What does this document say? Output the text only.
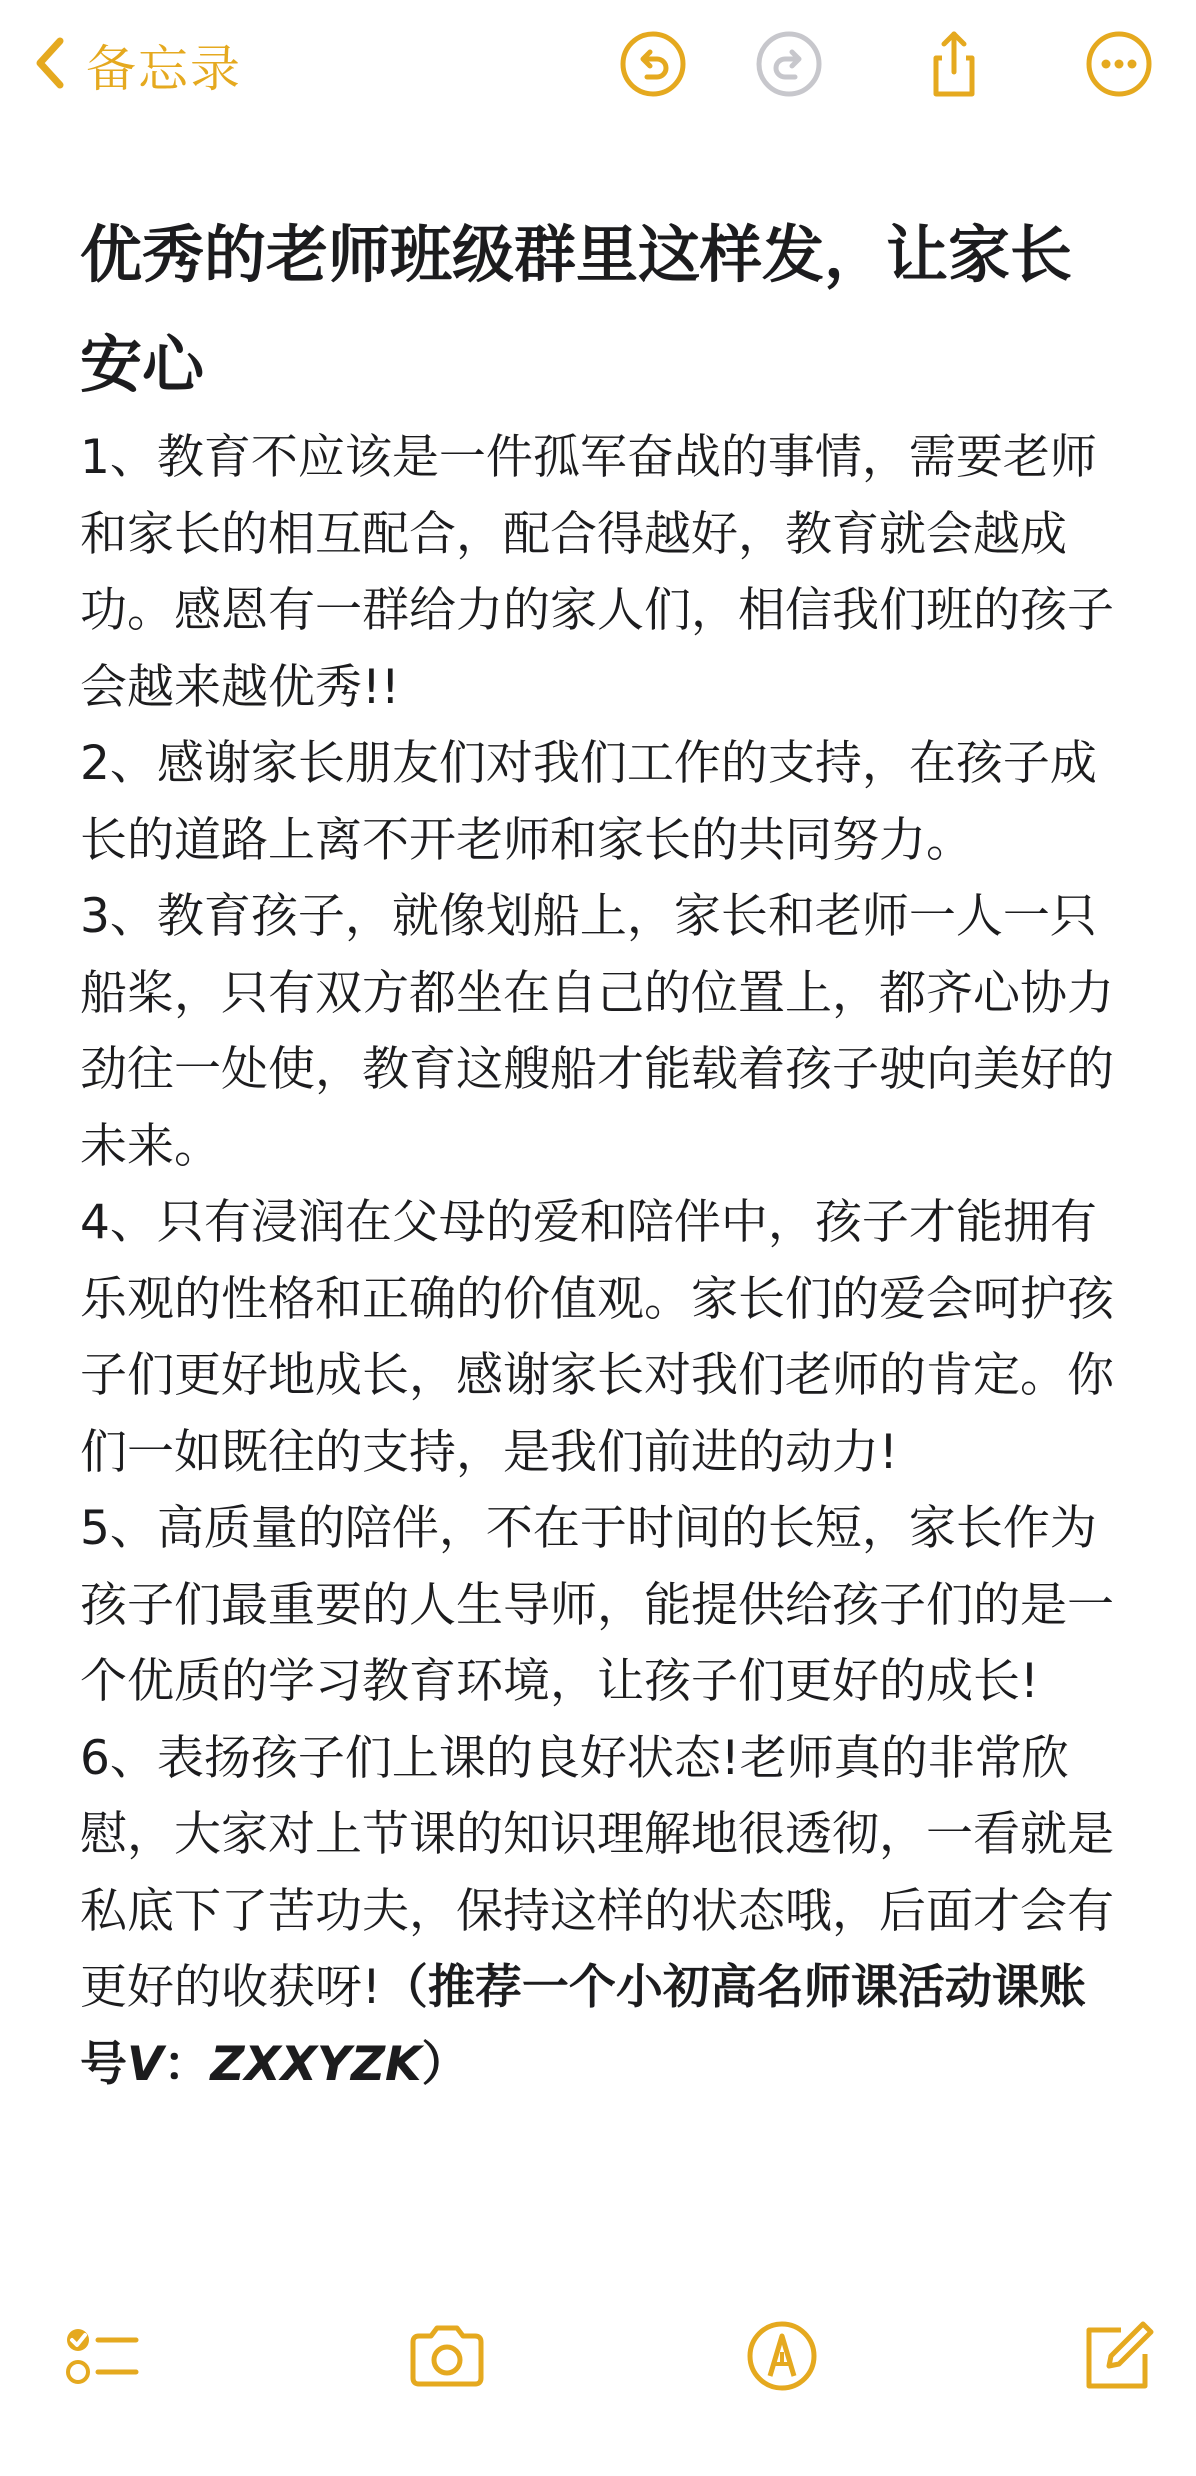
备忘录
优秀的老师班级群里这样发，让家长安心

1、教育不应该是一件孤军奋战的事情，需要老师和家长的相互配合，配合得越好，教育就会越成功。感恩有一群给力的家人们，相信我们班的孩子会越来越优秀!!

2、感谢家长朋友们对我们工作的支持，在孩子成长的道路上离不开老师和家长的共同努力。

3、教育孩子，就像划船上，家长和老师一人一只船桨，只有双方都坐在自己的位置上，都齐心协力劲往一处使，教育这艘船才能载着孩子驶向美好的未来。

4、只有浸润在父母的爱和陪伴中，孩子才能拥有乐观的性格和正确的价值观。家长们的爱会呵护孩子们更好地成长，感谢家长对我们老师的肯定。你们一如既往的支持，是我们前进的动力!

5、高质量的陪伴，不在于时间的长短，家长作为孩子们最重要的人生导师，能提供给孩子们的是一个优质的学习教育环境，让孩子们更好的成长!

6、表扬孩子们上课的良好状态!老师真的非常欣慰，大家对上节课的知识理解地很透彻，一看就是私底下了苦功夫，保持这样的状态哦，后面才会有更好的收获呀!（推荐一个小初高名师课活动课账号V：ZXXYZK）
